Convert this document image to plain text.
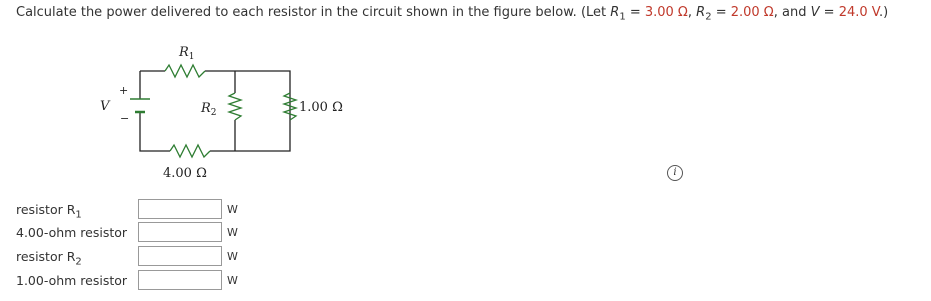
Calculate the power delivered to each resistor in the circuit shown in the figure below. (Let $R_1 = 3.00$ Ω, $R_2 = 2.00$ Ω, and V = 24.0 V.)
+
−
V
$R_1$
$R_2$	1.00 Ω
4.00 Ω	i
resistor $R_1$	W
4.00-ohm resistor	W
resistor $R_2$	W
1.00-ohm resistor	W
